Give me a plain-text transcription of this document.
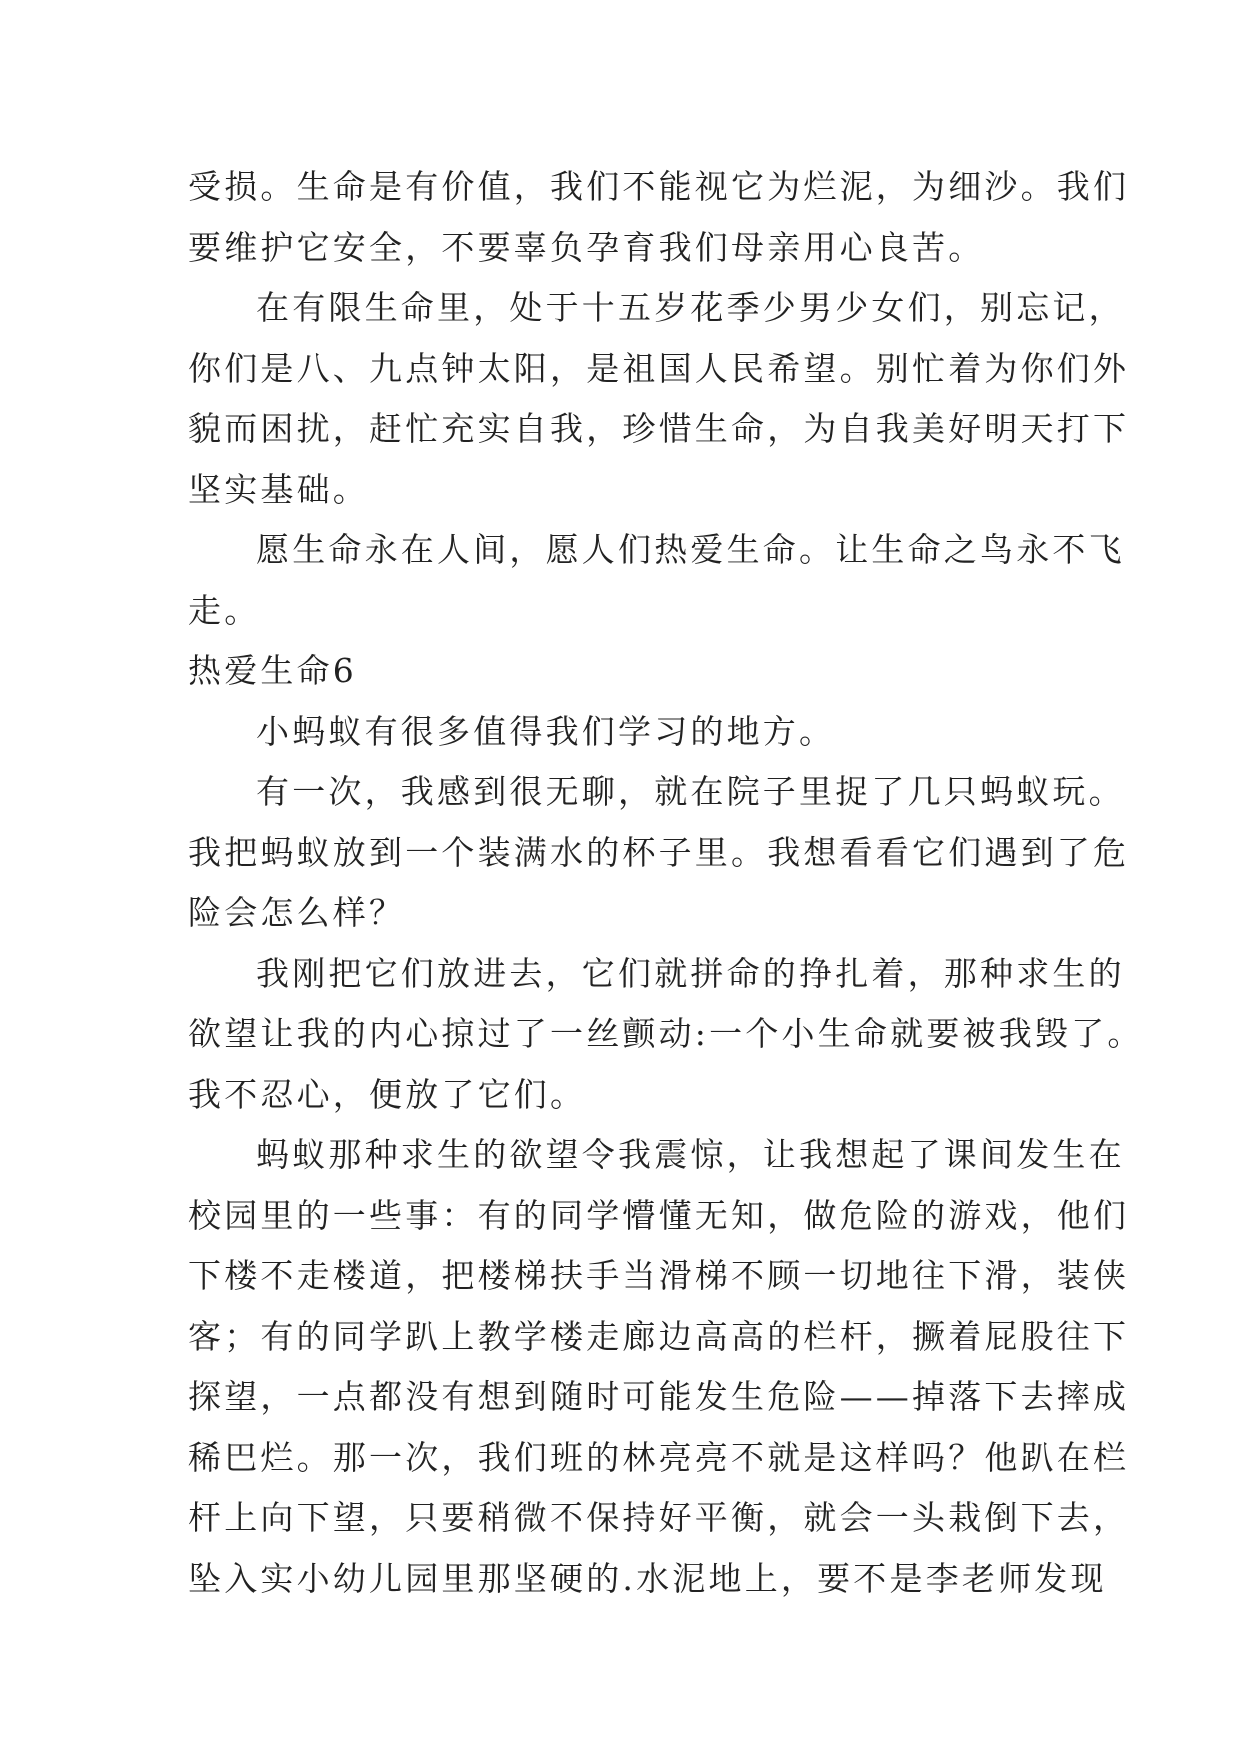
受损。生命是有价值，我们不能视它为烂泥，为细沙。我们
要维护它安全，不要辜负孕育我们母亲用心良苦。
在有限生命里，处于十五岁花季少男少女们，别忘记，
你们是八、九点钟太阳，是祖国人民希望。别忙着为你们外
貌而困扰，赶忙充实自我，珍惜生命，为自我美好明天打下
坚实基础。
愿生命永在人间，愿人们热爱生命。让生命之鸟永不飞
走。
热爱生命6
小蚂蚁有很多值得我们学习的地方。
有一次，我感到很无聊，就在院子里捉了几只蚂蚁玩。
我把蚂蚁放到一个装满水的杯子里。我想看看它们遇到了危
险会怎么样？
我刚把它们放进去，它们就拼命的挣扎着，那种求生的
欲望让我的内心掠过了一丝颤动:一个小生命就要被我毁了。
我不忍心，便放了它们。
蚂蚁那种求生的欲望令我震惊，让我想起了课间发生在
校园里的一些事：有的同学懵懂无知，做危险的游戏，他们
下楼不走楼道，把楼梯扶手当滑梯不顾一切地往下滑，装侠
客；有的同学趴上教学楼走廊边高高的栏杆，撅着屁股往下
探望，一点都没有想到随时可能发生危险——掉落下去摔成
稀巴烂。那一次，我们班的林亮亮不就是这样吗？他趴在栏
杆上向下望，只要稍微不保持好平衡，就会一头栽倒下去，
坠入实小幼儿园里那坚硬的.水泥地上，要不是李老师发现
